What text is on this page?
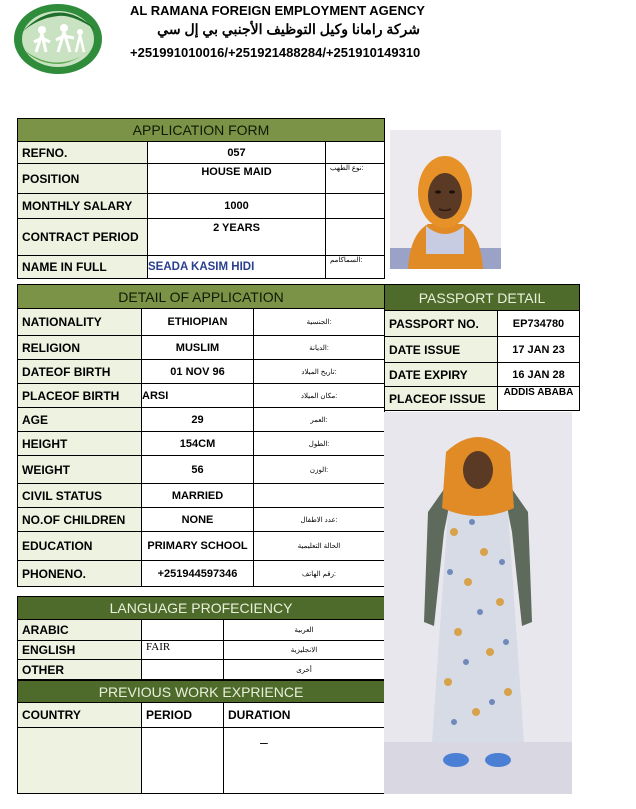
AL RAMANA FOREIGN EMPLOYMENT AGENCY
شركة رامانا وكيل التوظيف الأجنبي بي إل سي
+251991010016/+251921488284/+251910149310
APPLICATION FORM		
REFNO.	057	
POSITION	HOUSE MAID	نوع الطهب:
MONTHLY SALARY	1000	
CONTRACT PERIOD	2 YEARS	
NAME IN FULL	SEADA KASIM HIDI	السماكامم:
DETAIL OF APPLICATION		
NATIONALITY	ETHIOPIAN	الجنسية:
RELIGION	MUSLIM	الديانة:
DATEOF BIRTH	01 NOV 96	تاريخ الميلاد:
PLACEOF BIRTH	ARSI	مكان الميلاد:
AGE	29	العمر:
HEIGHT	154CM	الطول:
WEIGHT	56	الوزن:
CIVIL STATUS	MARRIED	
NO.OF CHILDREN	NONE	عدد الاطفال:
EDUCATION	PRIMARY SCHOOL	الحالة التعليمية
PHONENO.	+251944597346	رقم الهاتف:
PASSPORT DETAIL	
PASSPORT NO.	EP734780
DATE ISSUE	17 JAN 23
DATE EXPIRY	16 JAN 28
PLACEOF ISSUE	ADDIS ABABA
LANGUAGE PROFECIENCY		
ARABIC		العربية
ENGLISH	FAIR	الانجليزية
OTHER		أخرى
PREVIOUS WORK EXPRIENCE		
COUNTRY	PERIOD	DURATION
		–
